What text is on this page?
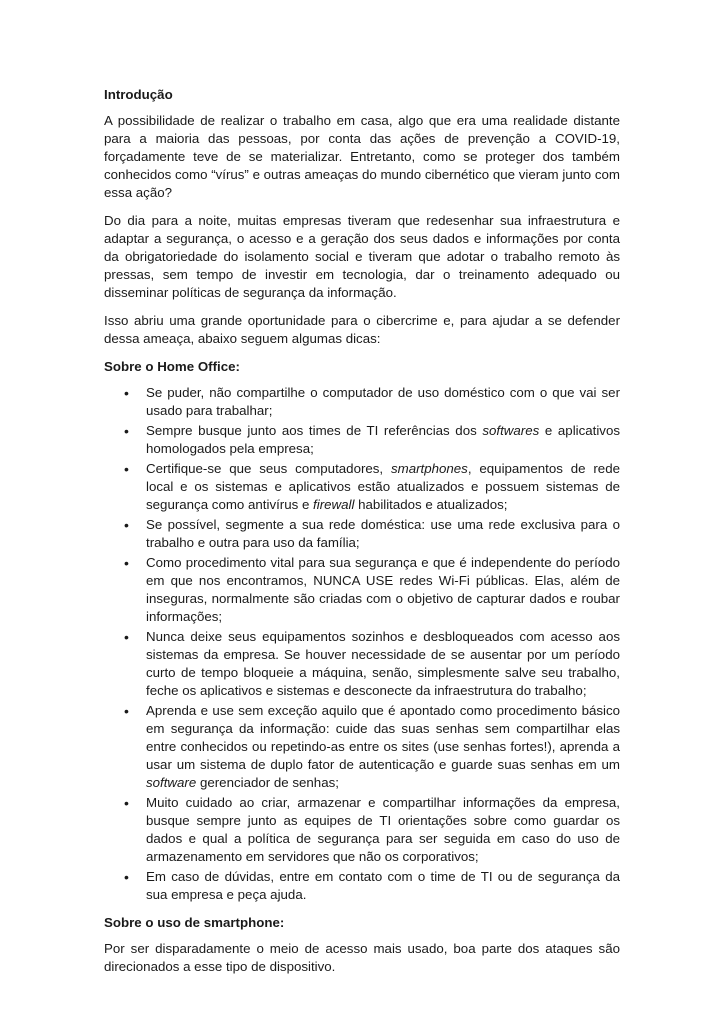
Introdução

A possibilidade de realizar o trabalho em casa, algo que era uma realidade distante para a maioria das pessoas, por conta das ações de prevenção a COVID-19, forçadamente teve de se materializar. Entretanto, como se proteger dos também conhecidos como “vírus” e outras ameaças do mundo cibernético que vieram junto com essa ação?

Do dia para a noite, muitas empresas tiveram que redesenhar sua infraestrutura e adaptar a segurança, o acesso e a geração dos seus dados e informações por conta da obrigatoriedade do isolamento social e tiveram que adotar o trabalho remoto às pressas, sem tempo de investir em tecnologia, dar o treinamento adequado ou disseminar políticas de segurança da informação.

Isso abriu uma grande oportunidade para o cibercrime e, para ajudar a se defender dessa ameaça, abaixo seguem algumas dicas:

Sobre o Home Office:
• Se puder, não compartilhe o computador de uso doméstico com o que vai ser usado para trabalhar;
• Sempre busque junto aos times de TI referências dos softwares e aplicativos homologados pela empresa;
• Certifique-se que seus computadores, smartphones, equipamentos de rede local e os sistemas e aplicativos estão atualizados e possuem sistemas de segurança como antivírus e firewall habilitados e atualizados;
• Se possível, segmente a sua rede doméstica: use uma rede exclusiva para o trabalho e outra para uso da família;
• Como procedimento vital para sua segurança e que é independente do período em que nos encontramos, NUNCA USE redes Wi-Fi públicas. Elas, além de inseguras, normalmente são criadas com o objetivo de capturar dados e roubar informações;
• Nunca deixe seus equipamentos sozinhos e desbloqueados com acesso aos sistemas da empresa. Se houver necessidade de se ausentar por um período curto de tempo bloqueie a máquina, senão, simplesmente salve seu trabalho, feche os aplicativos e sistemas e desconecte da infraestrutura do trabalho;
• Aprenda e use sem exceção aquilo que é apontado como procedimento básico em segurança da informação: cuide das suas senhas sem compartilhar elas entre conhecidos ou repetindo-as entre os sites (use senhas fortes!), aprenda a usar um sistema de duplo fator de autenticação e guarde suas senhas em um software gerenciador de senhas;
• Muito cuidado ao criar, armazenar e compartilhar informações da empresa, busque sempre junto as equipes de TI orientações sobre como guardar os dados e qual a política de segurança para ser seguida em caso do uso de armazenamento em servidores que não os corporativos;
• Em caso de dúvidas, entre em contato com o time de TI ou de segurança da sua empresa e peça ajuda.
Sobre o uso de smartphone:

Por ser disparadamente o meio de acesso mais usado, boa parte dos ataques são direcionados a esse tipo de dispositivo.
